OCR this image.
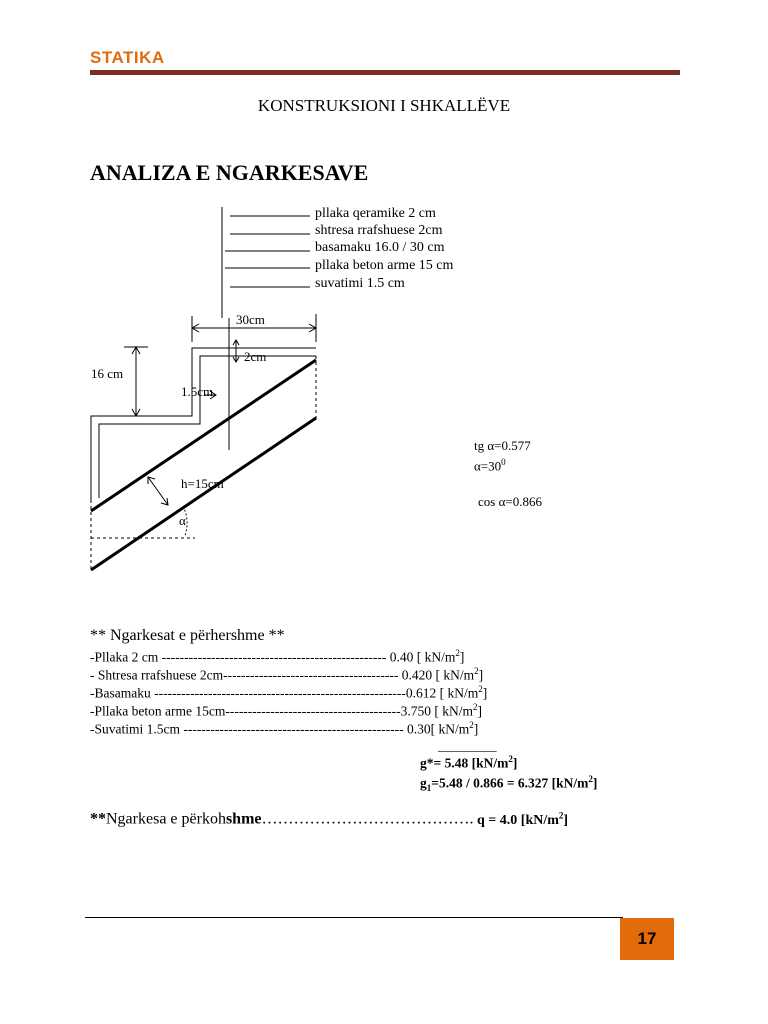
STATIKA
KONSTRUKSIONI I SHKALLËVE
ANALIZA E NGARKESAVE
pllaka qeramike 2 cm
shtresa rrafshuese 2cm
basamaku 16.0 / 30 cm
pllaka beton arme 15 cm
suvatimi 1.5 cm
30cm
2cm
16 cm
1.5cm
h=15cm
α
tg α=0.577
$\alpha=30^0$
cos α=0.866
** Ngarkesat e përhershme **
-Pllaka 2 cm -------------------------------------------------- 0.40 [ $kN/m^2$]
- Shtresa rrafshuese 2cm--------------------------------------- 0.420 [ $kN/m^2$]
-Basamaku --------------------------------------------------------0.612 [ $kN/m^2$]
-Pllaka beton arme 15cm---------------------------------------3.750 [ $kN/m^2$]
-Suvatimi 1.5cm ------------------------------------------------- 0.30[ $kN/m^2$]
_________
g*= 5.48 $[kN/m^2]$
$g_1=5.48 / 0.866 = 6.327$ $[kN/m^2]$
**Ngarkesa e përkohshme…………………………………. q = 4.0 $[kN/m^2]$
17
